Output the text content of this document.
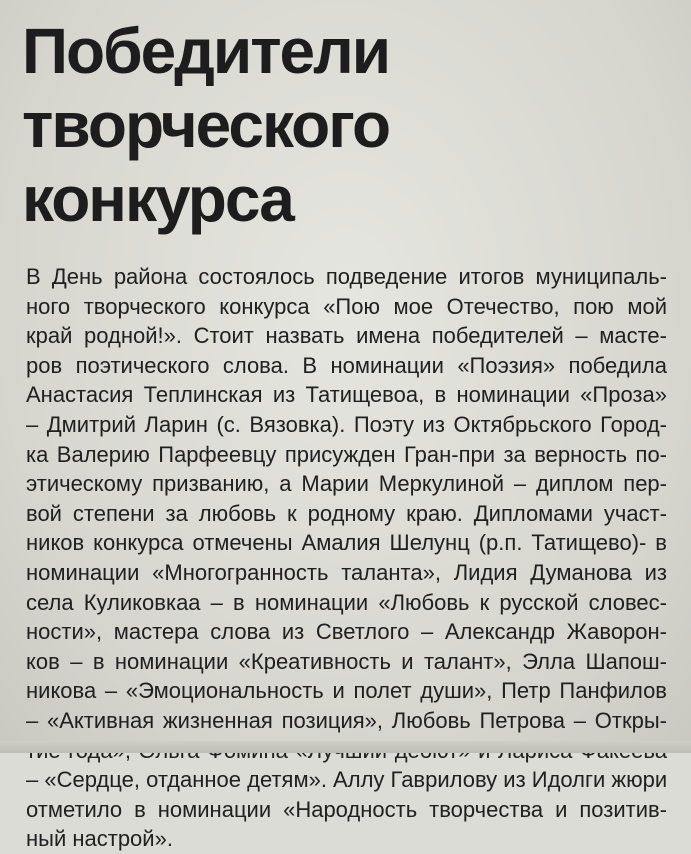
Победители
творческого конкурса
В День района состоялось подведение итогов муниципаль-
ного творческого конкурса «Пою мое Отечество, пою мой
край родной!». Стоит назвать имена победителей – масте-
ров поэтического слова. В номинации «Поэзия» победила
Анастасия Теплинская из Татищевоа, в номинации «Проза»
– Дмитрий Ларин (с. Вязовка). Поэту из Октябрьского Город-
ка Валерию Парфеевцу присужден Гран-при за верность по-
этическому призванию, а Марии Меркулиной – диплом пер-
вой степени за любовь к родному краю. Дипломами участ-
ников конкурса отмечены Амалия Шелунц (р.п. Татищево)- в
номинации «Многогранность таланта», Лидия Думанова из
села Куликовкаа – в номинации «Любовь к русской словес-
ности», мастера слова из Светлого – Александр Жаворон-
ков – в номинации «Креативность и талант», Элла Шапош-
никова – «Эмоциональность и полет души», Петр Панфилов
– «Активная жизненная позиция», Любовь Петрова – Откры-
– «Сердце, отданное детям». Аллу Гаврилову из Идолги жюри
отметило в номинации «Народность творчества и позитив-
ный настрой».
